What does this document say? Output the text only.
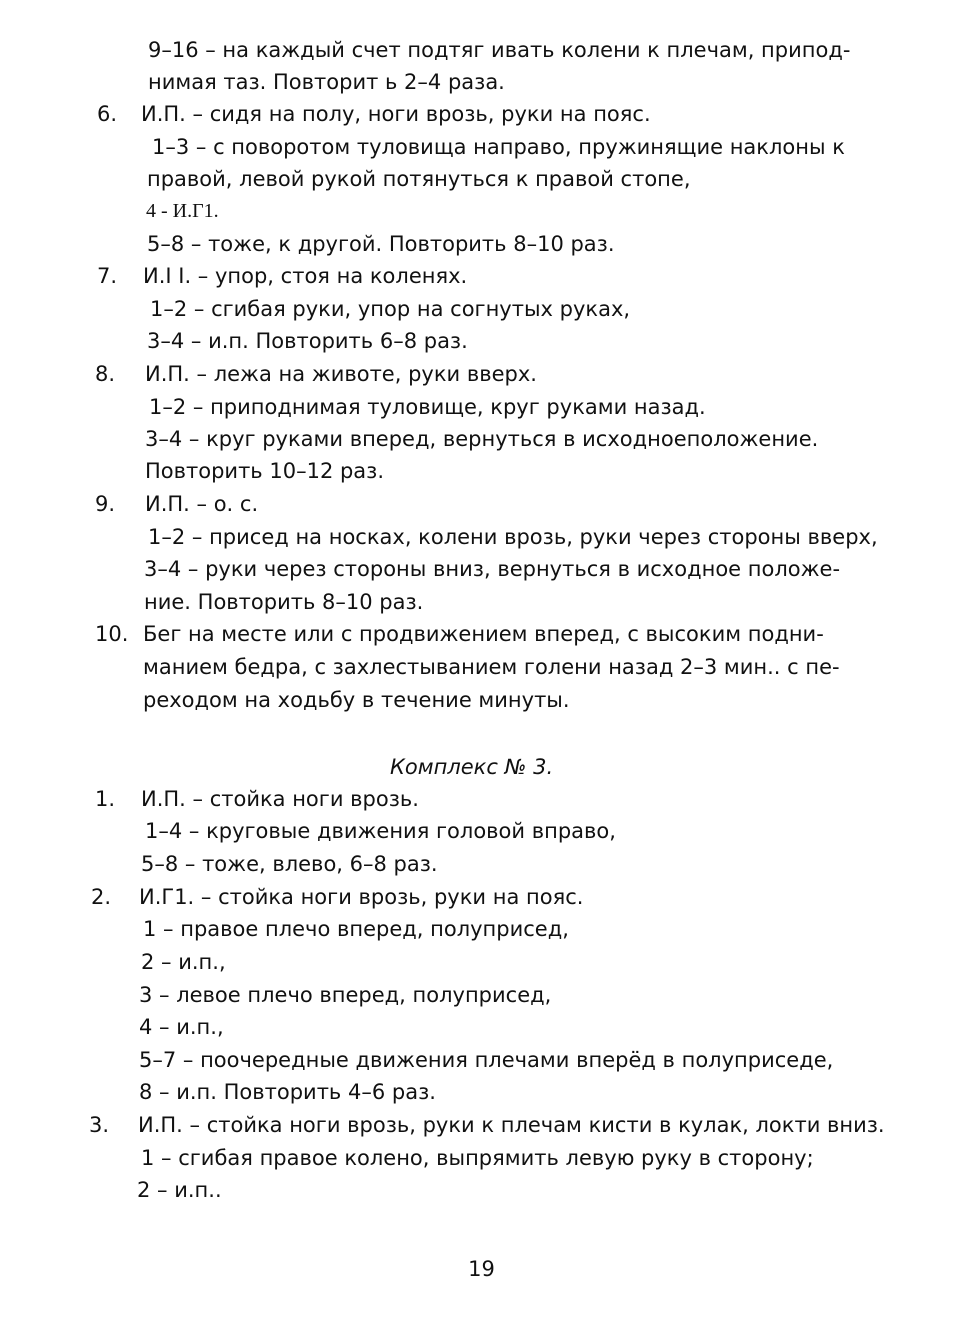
9–16 – на каждый счет подтяг ивать колени к плечам, припод-
нимая таз. Повторит ь 2–4 раза.
6. И.П. – сидя на полу, ноги врозь, руки на пояс.
1–3 – с поворотом туловища направо, пружинящие наклоны к
правой, левой рукой потянуться к правой стопе,
4 - И.Г1.
5–8 – тоже, к другой. Повторить 8–10 раз.
7. И.I I. – упор, стоя на коленях.
1–2 – сгибая руки, упор на согнутых руках,
3–4 – и.п. Повторить 6–8 раз.
8. И.П. – лежа на животе, руки вверх.
1–2 – приподнимая туловище, круг руками назад.
3–4 – круг руками вперед, вернуться в исходноеположение.
Повторить 10–12 раз.
9. И.П. – о. с.
1–2 – присед на носках, колени врозь, руки через стороны вверх,
3–4 – руки через стороны вниз, вернуться в исходное положе-
ние. Повторить 8–10 раз.
10. Бег на месте или с продвижением вперед, с высоким подни-
манием бедра, с захлестыванием голени назад 2–3 мин.. с пе-
реходом на ходьбу в течение минуты.
Комплекс № 3.
1. И.П. – стойка ноги врозь.
1–4 – круговые движения головой вправо,
5–8 – тоже, влево, 6–8 раз.
2. И.Г1. – стойка ноги врозь, руки на пояс.
1 – правое плечо вперед, полуприсед,
2 – и.п.,
3 – левое плечо вперед, полуприсед,
4 – и.п.,
5–7 – поочередные движения плечами вперёд в полуприседе,
8 – и.п. Повторить 4–6 раз.
3. И.П. – стойка ноги врозь, руки к плечам кисти в кулак, локти вниз.
1 – сгибая правое колено, выпрямить левую руку в сторону;
2 – и.п..
19
